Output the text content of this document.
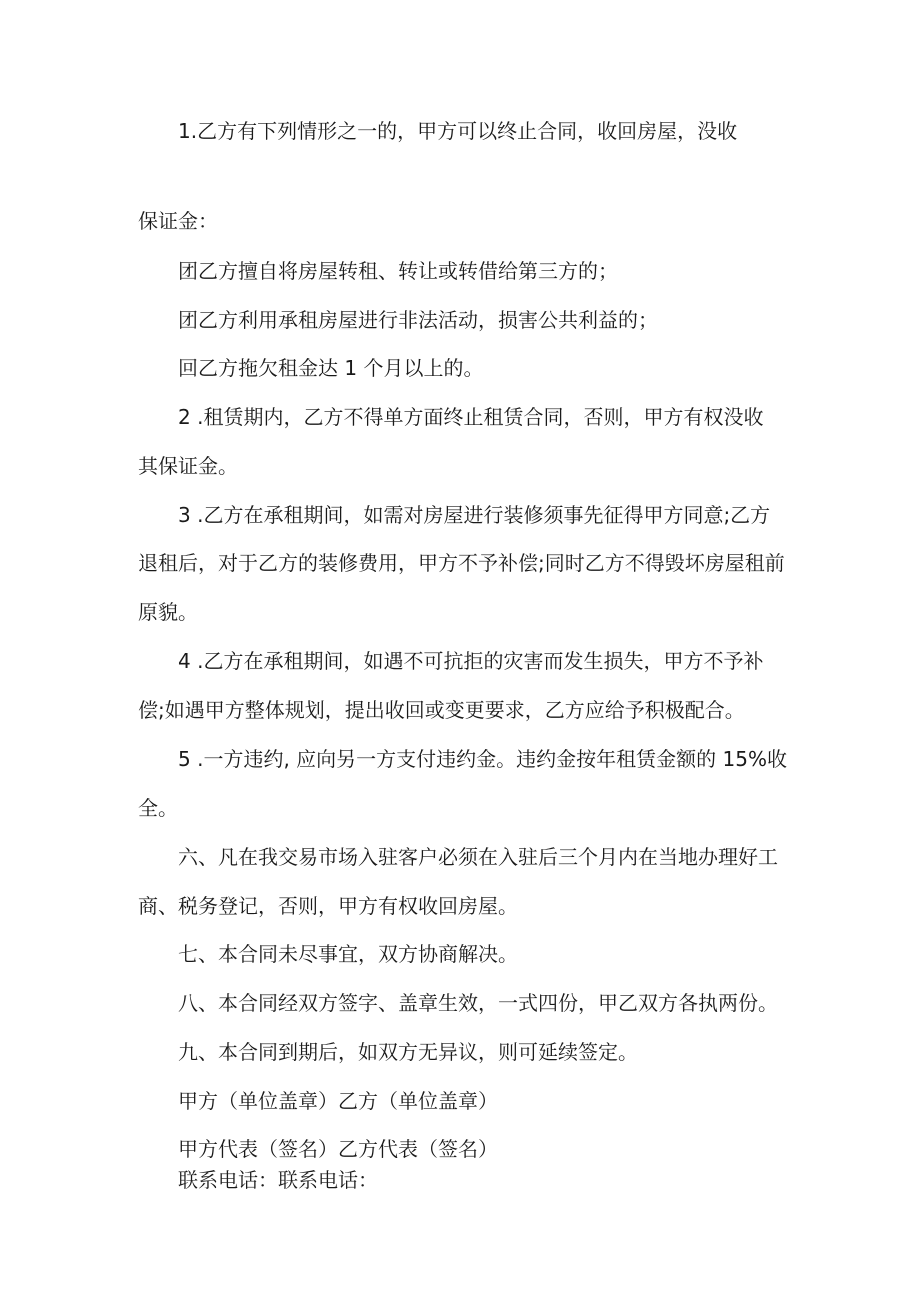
1.乙方有下列情形之一的，甲方可以终止合同，收回房屋，没收

保证金：

团乙方擅自将房屋转租、转让或转借给第三方的；

团乙方利用承租房屋进行非法活动，损害公共利益的；

回乙方拖欠租金达 1 个月以上的。

2 .租赁期内，乙方不得单方面终止租赁合同，否则，甲方有权没收

其保证金。

3 .乙方在承租期间，如需对房屋进行装修须事先征得甲方同意;乙方

退租后，对于乙方的装修费用，甲方不予补偿;同时乙方不得毁坏房屋租前

原貌。

4 .乙方在承租期间，如遇不可抗拒的灾害而发生损失，甲方不予补

偿;如遇甲方整体规划，提出收回或变更要求，乙方应给予积极配合。

5 .一方违约, 应向另一方支付违约金。违约金按年租赁金额的 15%收

全。

六、凡在我交易市场入驻客户必须在入驻后三个月内在当地办理好工

商、税务登记，否则，甲方有权收回房屋。

七、本合同未尽事宜，双方协商解决。

八、本合同经双方签字、盖章生效，一式四份，甲乙双方各执两份。

九、本合同到期后，如双方无异议，则可延续签定。

甲方（单位盖章）乙方（单位盖章）

甲方代表（签名）乙方代表（签名）

联系电话：联系电话：
